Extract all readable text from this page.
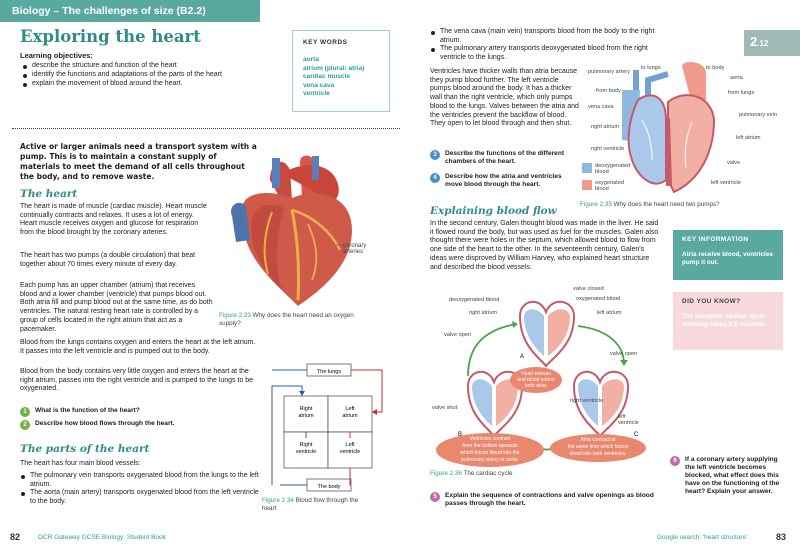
Biology – The challenges of size (B2.2)
Exploring the heart
Learning objectives:
describe the structure and function of the heart
identify the functions and adaptations of the parts of the heart
explain the movement of blood around the heart.
KEY WORDS
aorta
atrium (plural: atria)
cardiac muscle
vena cava
ventricle
Active or larger animals need a transport system with a pump. This is to maintain a constant supply of materials to meet the demand of all cells throughout the body, and to remove waste.
The heart
The heart is made of muscle (cardiac muscle). Heart muscle continually contracts and relaxes. It uses a lot of energy. Heart muscle receives oxygen and glucose for respiration from the blood brought by the coronary arteries.
The heart has two pumps (a double circulation) that beat together about 70 times every minute of every day.
Each pump has an upper chamber (atrium) that receives blood and a lower chamber (ventricle) that pumps blood out. Both atria fill and pump blood out at the same time, as do both ventricles. The natural resting heart rate is controlled by a group of cells located in the right atrium that act as a pacemaker.
Blood from the lungs contains oxygen and enters the heart at the left atrium. It passes into the left ventricle and is pumped out to the body.
Blood from the body contains very little oxygen and enters the heart at the right atrium, passes into the right ventricle and is pumped to the lungs to be oxygenated.
coronary arteries
Figure 2.33 Why does the heart need an oxygen supply?
1	What is the function of the heart?
2	Describe how blood flows through the heart.
The parts of the heart
The heart has four main blood vessels:
The pulmonary vein transports oxygenated blood from the lungs to the left atrium.
The aorta (main artery) transports oxygenated blood from the left ventricle to the body.
The lungs
The body
Right
atrium
Left
atrium
Right
ventricle
Left
ventricle
Figure 2.34 Blood flow through the heart
The vena cava (main vein) transports blood from the body to the right atrium.
The pulmonary artery transports deoxygenated blood from the right ventricle to the lungs.
Ventricles have thicker walls than atria because they pump blood further. The left ventricle pumps blood around the body. It has a thicker wall than the right ventricle, which only pumps blood to the lungs. Valves between the atria and the ventricles prevent the backflow of blood. They open to let blood through and then shut.
3	Describe the functions of the different chambers of the heart.
4	Describe how the atria and ventricles move blood through the heart.
deoxygenated
blood
oxygenated
blood
pulmonary artery
to lungs	to body
aorta
from body	from lungs
vena cava
pulmonary vein
right atrium
left atrium
right ventricle
valve
left ventricle
Figure 2.35 Why does the heart need two pumps?
2.12
Explaining blood flow
In the second century, Galen thought blood was made in the liver. He said it flowed round the body, but was used as fuel for the muscles. Galen also thought there were holes in the septum, which allowed blood to flow from one side of the heart to the other. In the seventeenth century, Galen's ideas were disproved by William Harvey, who explained heart structure and described the blood vessels.
Heart relaxes
and blood enters
both atria.
Ventricles contract
from the bottom upwards
which forces blood into the
pulmonary artery or aorta.
Atria contract at
the same time which forces
blood into both ventricles.
A
B	C
valve closed
deoxygenated blood	oxygenated blood
right atrium	left atrium
valve open
valve open
valve shut
right ventricle
left
ventricle
Figure 2.36 The cardiac cycle
5	Explain the sequence of contractions and valve openings as blood passes through the heart.
6	If a coronary artery supplying the left ventricle becomes blocked, what effect does this have on the functioning of the heart? Explain your answer.
KEY INFORMATION
Atria receive blood, ventricles pump it out.
DID YOU KNOW?
The complete cardiac cycle normally takes 0.8 seconds.
82	OCR Gateway GCSE Biology: Student Book	Google search: 'heart structure'	83
